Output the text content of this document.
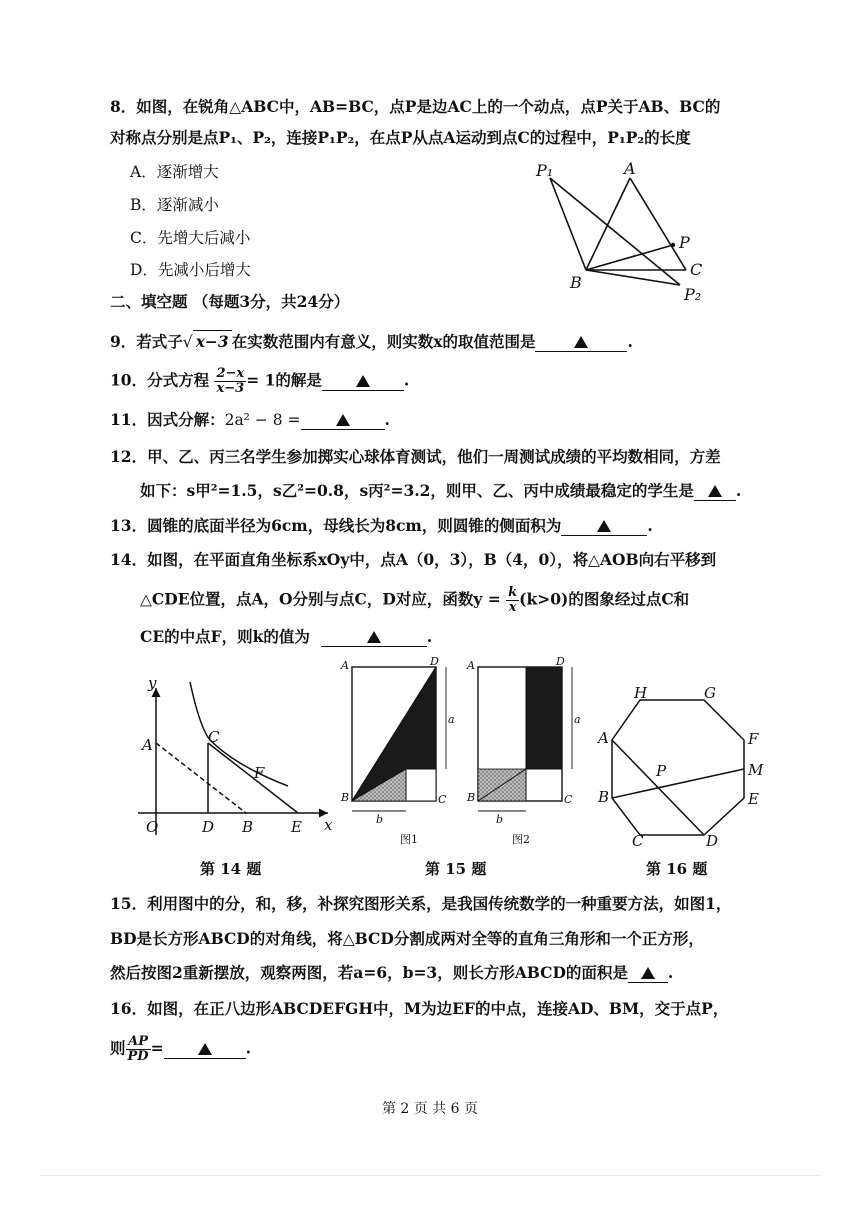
8．如图，在锐角△ABC中，AB=BC，点P是边AC上的一个动点，点P关于AB、BC的
对称点分别是点P₁、P₂，连接P₁P₂，在点P从点A运动到点C的过程中，P₁P₂的长度
A．逐渐增大
B．逐渐减小
C．先增大后减小
D．先减小后增大
P₁	A
P
B
C
P₂
二、填空题 （每题3分，共24分）
9．若式子√ x−3 在实数范围内有意义，则实数x的取值范围是	.
10．分式方程 $\frac{2-x}{x-3} = 1$的解是	.
11．因式分解：2a² − 8 =	.
12．甲、乙、丙三名学生参加掷实心球体育测试，他们一周测试成绩的平均数相同，方差
如下：s甲²=1.5，s乙²=0.8，s丙²=3.2，则甲、乙、丙中成绩最稳定的学生是	.
13．圆锥的底面半径为6cm，母线长为8cm，则圆锥的侧面积为	.
14．如图，在平面直角坐标系xOy中，点A（0，3），B（4，0），将△AOB向右平移到
△CDE位置，点A，O分别与点C，D对应，函数$y = \frac{k}{x} (k>0)$的图象经过点C和
CE的中点F，则k的值为	.
y
A	C
F
O	D B	E x
A	D
B	C
a
b
图1
A	D
B	C
a
b
图2
H	G
A	F
P	M
B	E
C	D
第 14 题	第 15 题	第 16 题
15．利用图中的分，和，移，补探究图形关系，是我国传统数学的一种重要方法，如图1，
BD是长方形ABCD的对角线，将△BCD分割成两对全等的直角三角形和一个正方形，
然后按图2重新摆放，观察两图，若a=6，b=3，则长方形ABCD的面积是	.
16．如图，在正八边形ABCDEFGH中，M为边EF的中点，连接AD、BM，交于点P，
则 $\frac{AP}{PD}$ =	.
第 2 页 共 6 页
